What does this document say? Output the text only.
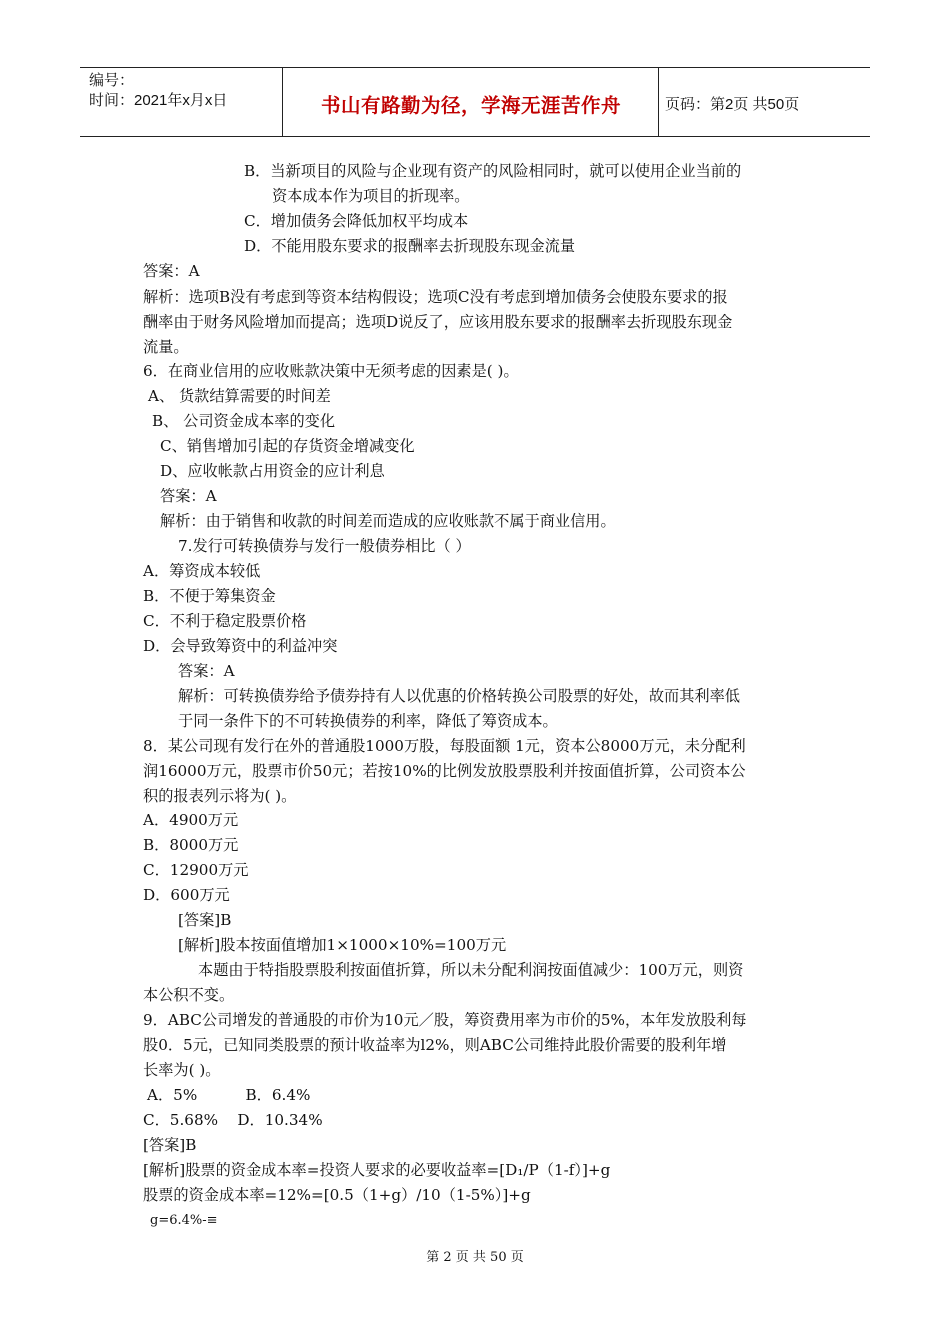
编号：
时间：2021年x月x日	书山有路勤为径，学海无涯苦作舟	页码：第2页 共50页
B．当新项目的风险与企业现有资产的风险相同时，就可以使用企业当前的
资本成本作为项目的折现率。
C．增加债务会降低加权平均成本
D．不能用股东要求的报酬率去折现股东现金流量
答案：A
解析：选项B没有考虑到等资本结构假设；选项C没有考虑到增加债务会使股东要求的报
酬率由于财务风险增加而提高；选项D说反了，应该用股东要求的报酬率去折现股东现金
流量。
6．在商业信用的应收账款决策中无须考虑的因素是( )。
A、 货款结算需要的时间差
B、 公司资金成本率的变化
C、销售增加引起的存货资金增减变化
D、应收帐款占用资金的应计利息
答案：A
解析：由于销售和收款的时间差而造成的应收账款不属于商业信用。
7.发行可转换债券与发行一般债券相比（ ）
A．筹资成本较低
B．不便于筹集资金
C．不利于稳定股票价格
D．会导致筹资中的利益冲突
答案：A
解析：可转换债券给予债券持有人以优惠的价格转换公司股票的好处，故而其利率低
于同一条件下的不可转换债券的利率，降低了筹资成本。
8．某公司现有发行在外的普通股1000万股，每股面额 1元，资本公8000万元，未分配利
润16000万元，股票市价50元；若按10%的比例发放股票股利并按面值折算，公司资本公
积的报表列示将为( )。
A．4900万元
B．8000万元
C．12900万元
D．600万元
[答案]B
[解析]股本按面值增加1×1000×10%=100万元
本题由于特指股票股利按面值折算，所以未分配利润按面值减少：100万元，则资
本公积不变。
9．ABC公司增发的普通股的市价为10元／股，筹资费用率为市价的5%，本年发放股利每
股0．5元，已知同类股票的预计收益率为l2%，则ABC公司维持此股价需要的股利年增
长率为( )。
A．5%          B．6.4%
C．5.68%    D．10.34%
[答案]B
[解析]股票的资金成本率=投资人要求的必要收益率=[D₁/P（1-f）]+g
股票的资金成本率=12%=[0.5（1+g）/10（1-5%）]+g
g=6.4%-≡
第 2 页 共 50 页
